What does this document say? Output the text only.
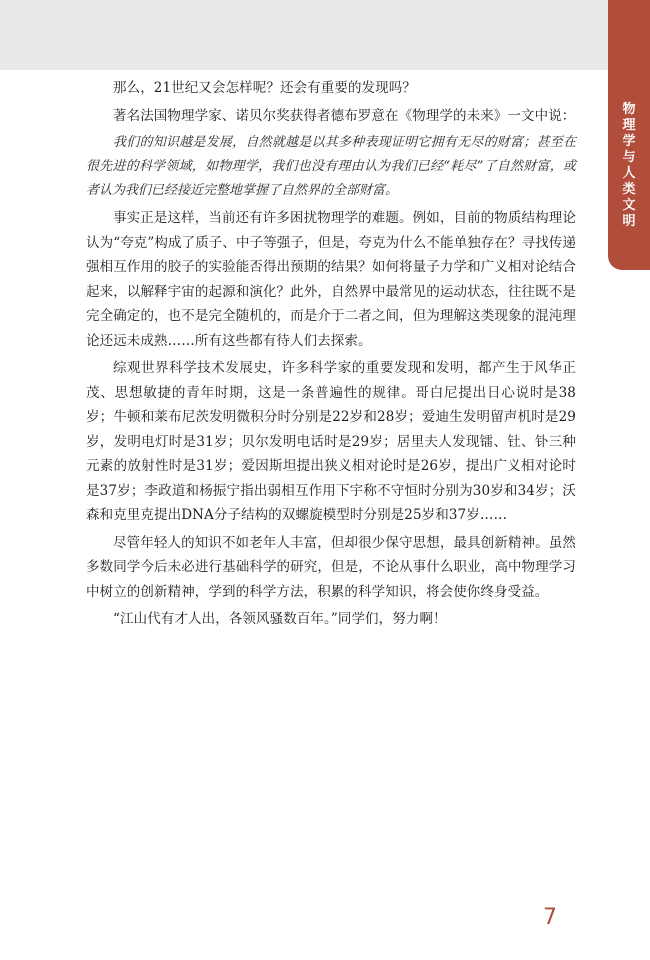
物理学与人类文明

那么，21世纪又会怎样呢？还会有重要的发现吗？

著名法国物理学家、诺贝尔奖获得者德布罗意在《物理学的未来》一文中说：

我们的知识越是发展，自然就越是以其多种表现证明它拥有无尽的财富；甚至在很先进的科学领域，如物理学，我们也没有理由认为我们已经“耗尽”了自然财富，或者认为我们已经接近完整地掌握了自然界的全部财富。

事实正是这样，当前还有许多困扰物理学的难题。例如，目前的物质结构理论认为“夸克”构成了质子、中子等强子，但是，夸克为什么不能单独存在？寻找传递强相互作用的胶子的实验能否得出预期的结果？如何将量子力学和广义相对论结合起来，以解释宇宙的起源和演化？此外，自然界中最常见的运动状态，往往既不是完全确定的，也不是完全随机的，而是介于二者之间，但为理解这类现象的混沌理论还远未成熟……所有这些都有待人们去探索。

综观世界科学技术发展史，许多科学家的重要发现和发明，都产生于风华正茂、思想敏捷的青年时期，这是一条普遍性的规律。哥白尼提出日心说时是38岁；牛顿和莱布尼茨发明微积分时分别是22岁和28岁；爱迪生发明留声机时是29岁，发明电灯时是31岁；贝尔发明电话时是29岁；居里夫人发现镭、钍、钋三种元素的放射性时是31岁；爱因斯坦提出狭义相对论时是26岁，提出广义相对论时是37岁；李政道和杨振宁指出弱相互作用下宇称不守恒时分别为30岁和34岁；沃森和克里克提出DNA分子结构的双螺旋模型时分别是25岁和37岁……

尽管年轻人的知识不如老年人丰富，但却很少保守思想，最具创新精神。虽然多数同学今后未必进行基础科学的研究，但是，不论从事什么职业，高中物理学习中树立的创新精神，学到的科学方法，积累的科学知识，将会使你终身受益。

“江山代有才人出，各领风骚数百年。”同学们，努力啊！

7
